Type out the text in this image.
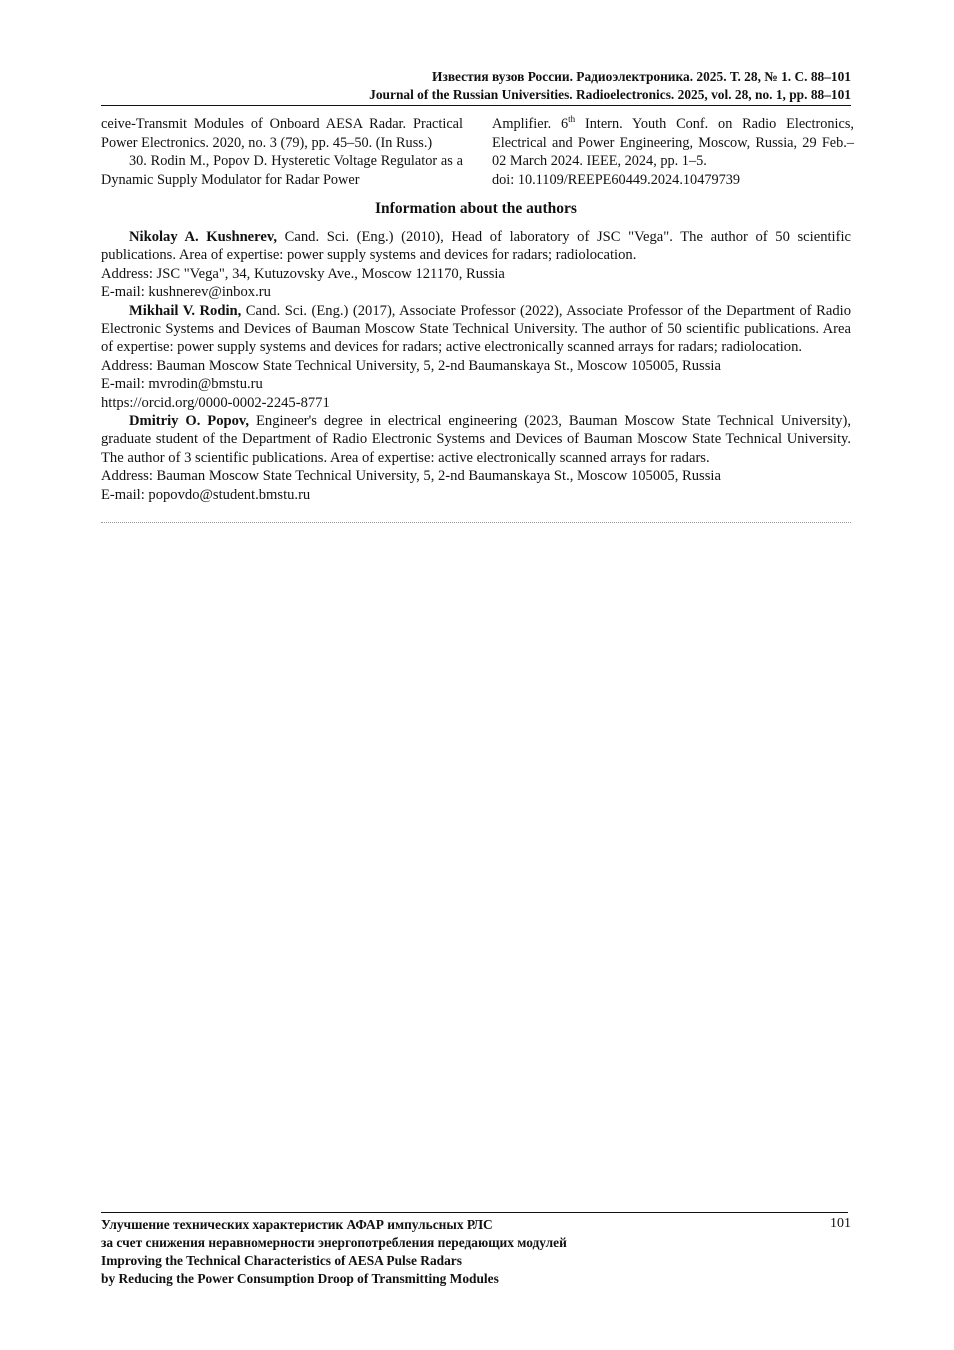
Известия вузов России. Радиоэлектроника. 2025. Т. 28, № 1. С. 88–101
Journal of the Russian Universities. Radioelectronics. 2025, vol. 28, no. 1, pp. 88–101
ceive-Transmit Modules of Onboard AESA Radar. Practical Power Electronics. 2020, no. 3 (79), pp. 45–50. (In Russ.)
30. Rodin M., Popov D. Hysteretic Voltage Regulator as a Dynamic Supply Modulator for Radar Power
Amplifier. 6th Intern. Youth Conf. on Radio Electronics, Electrical and Power Engineering, Moscow, Russia, 29 Feb.–02 March 2024. IEEE, 2024, pp. 1–5.
doi: 10.1109/REEPE60449.2024.10479739
Information about the authors

Nikolay A. Kushnerev, Cand. Sci. (Eng.) (2010), Head of laboratory of JSC "Vega". The author of 50 scientific publications. Area of expertise: power supply systems and devices for radars; radiolocation.

Address: JSC "Vega", 34, Kutuzovsky Ave., Moscow 121170, Russia

E-mail: kushnerev@inbox.ru

Mikhail V. Rodin, Cand. Sci. (Eng.) (2017), Associate Professor (2022), Associate Professor of the Department of Radio Electronic Systems and Devices of Bauman Moscow State Technical University. The author of 50 scientific publications. Area of expertise: power supply systems and devices for radars; active electronically scanned arrays for radars; radiolocation.

Address: Bauman Moscow State Technical University, 5, 2-nd Baumanskaya St., Moscow 105005, Russia

E-mail: mvrodin@bmstu.ru

https://orcid.org/0000-0002-2245-8771

Dmitriy O. Popov, Engineer's degree in electrical engineering (2023, Bauman Moscow State Technical University), graduate student of the Department of Radio Electronic Systems and Devices of Bauman Moscow State Technical University. The author of 3 scientific publications. Area of expertise: active electronically scanned arrays for radars.

Address: Bauman Moscow State Technical University, 5, 2-nd Baumanskaya St., Moscow 105005, Russia

E-mail: popovdo@student.bmstu.ru

Улучшение технических характеристик АФАР импульсных РЛС
за счет снижения неравномерности энергопотребления передающих модулей
Improving the Technical Characteristics of AESA Pulse Radars
by Reducing the Power Consumption Droop of Transmitting Modules
101
